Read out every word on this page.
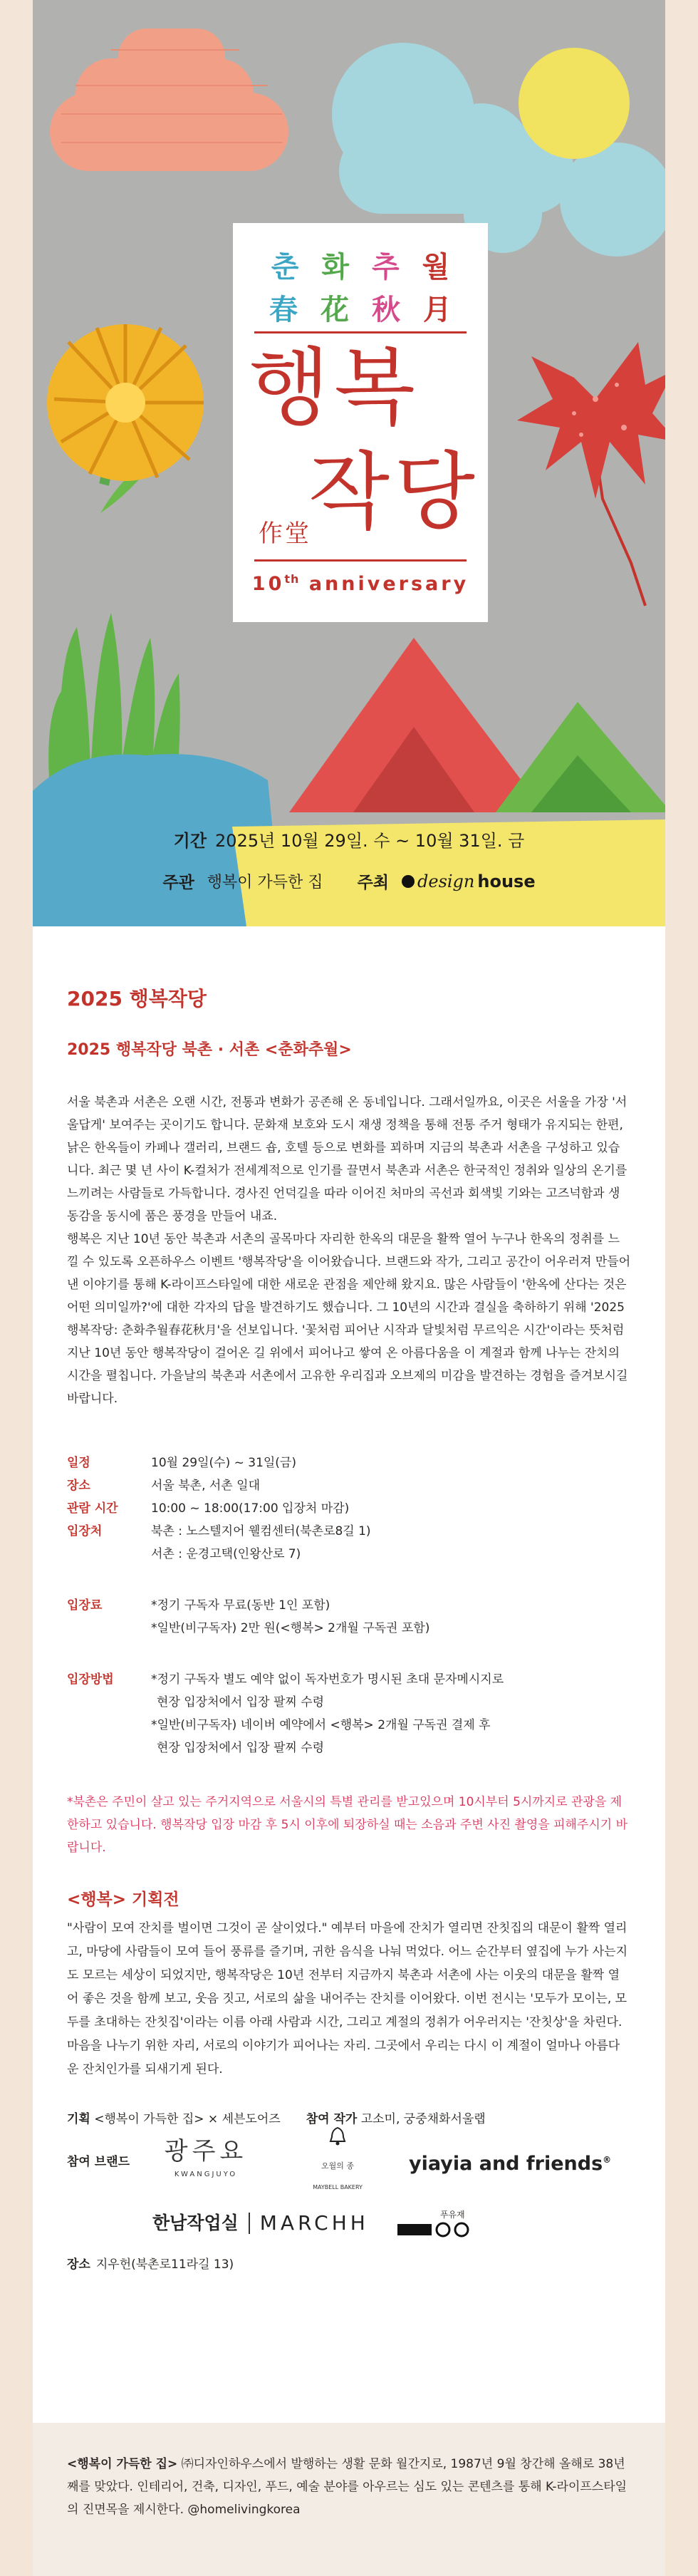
춘 화 추 월
春 花 秋 月
행복
작당
作堂
10th anniversary
기간 2025년 10월 29일. 수 ~ 10월 31일. 금
주관 행복이 가득한 집 주최 design house
2025 행복작당
2025 행복작당 북촌 · 서촌 <춘화추월>

서울 북촌과 서촌은 오랜 시간, 전통과 변화가 공존해 온 동네입니다. 그래서일까요, 이곳은 서울을 가장 '서울답게' 보여주는 곳이기도 합니다. 문화재 보호와 도시 재생 정책을 통해 전통 주거 형태가 유지되는 한편, 낡은 한옥들이 카페나 갤러리, 브랜드 숍, 호텔 등으로 변화를 꾀하며 지금의 북촌과 서촌을 구성하고 있습니다. 최근 몇 년 사이 K-컬처가 전세계적으로 인기를 끌면서 북촌과 서촌은 한국적인 정취와 일상의 온기를 느끼려는 사람들로 가득합니다. 경사진 언덕길을 따라 이어진 처마의 곡선과 회색빛 기와는 고즈넉함과 생동감을 동시에 품은 풍경을 만들어 내죠.

행복은 지난 10년 동안 북촌과 서촌의 골목마다 자리한 한옥의 대문을 활짝 열어 누구나 한옥의 정취를 느낄 수 있도록 오픈하우스 이벤트 '행복작당'을 이어왔습니다. 브랜드와 작가, 그리고 공간이 어우러져 만들어낸 이야기를 통해 K-라이프스타일에 대한 새로운 관점을 제안해 왔지요. 많은 사람들이 '한옥에 산다는 것은 어떤 의미일까?'에 대한 각자의 답을 발견하기도 했습니다. 그 10년의 시간과 결실을 축하하기 위해 '2025행복작당: 춘화추월春花秋月'을 선보입니다. '꽃처럼 피어난 시작과 달빛처럼 무르익은 시간'이라는 뜻처럼 지난 10년 동안 행복작당이 걸어온 길 위에서 피어나고 쌓여 온 아름다움을 이 계절과 함께 나누는 잔치의 시간을 펼칩니다. 가을날의 북촌과 서촌에서 고유한 우리집과 오브제의 미감을 발견하는 경험을 즐겨보시길 바랍니다.

일정	10월 29일(수) ~ 31일(금)
장소	서울 북촌, 서촌 일대
관람 시간	10:00 ~ 18:00(17:00 입장처 마감)
입장처	북촌 : 노스텔지어 웰컴센터(북촌로8길 1)
서촌 : 운경고택(인왕산로 7)
입장료	*정기 구독자 무료(동반 1인 포함)
*일반(비구독자) 2만 원(<행복> 2개월 구독권 포함)
입장방법	*정기 구독자 별도 예약 없이 독자번호가 명시된 초대 문자메시지로
현장 입장처에서 입장 팔찌 수령
*일반(비구독자) 네이버 예약에서 <행복> 2개월 구독권 결제 후
현장 입장처에서 입장 팔찌 수령

*북촌은 주민이 살고 있는 주거지역으로 서울시의 특별 관리를 받고있으며 10시부터 5시까지로 관광을 제한하고 있습니다. 행복작당 입장 마감 후 5시 이후에 퇴장하실 때는 소음과 주변 사진 촬영을 피해주시기 바랍니다.

<행복> 기획전

"사람이 모여 잔치를 벌이면 그것이 곧 살이었다." 예부터 마을에 잔치가 열리면 잔칫집의 대문이 활짝 열리고, 마당에 사람들이 모여 들어 풍류를 즐기며, 귀한 음식을 나눠 먹었다. 어느 순간부터 옆집에 누가 사는지도 모르는 세상이 되었지만, 행복작당은 10년 전부터 지금까지 북촌과 서촌에 사는 이웃의 대문을 활짝 열어 좋은 것을 함께 보고, 웃음 짓고, 서로의 삶을 내어주는 잔치를 이어왔다. 이번 전시는 '모두가 모이는, 모두를 초대하는 잔칫집'이라는 이름 아래 사람과 시간, 그리고 계절의 정취가 어우러지는 '잔칫상'을 차린다. 마음을 나누기 위한 자리, 서로의 이야기가 피어나는 자리. 그곳에서 우리는 다시 이 계절이 얼마나 아름다운 잔치인가를 되새기게 된다.

기획 <행복이 가득한 집> × 세븐도어즈 참여 작가 고소미, 궁중채화서울랩
참여 브랜드	광주요
KWANGJUYO
오월의 종
MAYBELL BAKERY
yiayia and friends®
한남작업실 MARCHH	푸유재
장소 지우헌(북촌로11라길 13)

<행복이 가득한 집> ㈜디자인하우스에서 발행하는 생활 문화 월간지로, 1987년 9월 창간해 올해로 38년째를 맞았다. 인테리어, 건축, 디자인, 푸드, 예술 분야를 아우르는 심도 있는 콘텐츠를 통해 K-라이프스타일의 진면목을 제시한다. @homelivingkorea
